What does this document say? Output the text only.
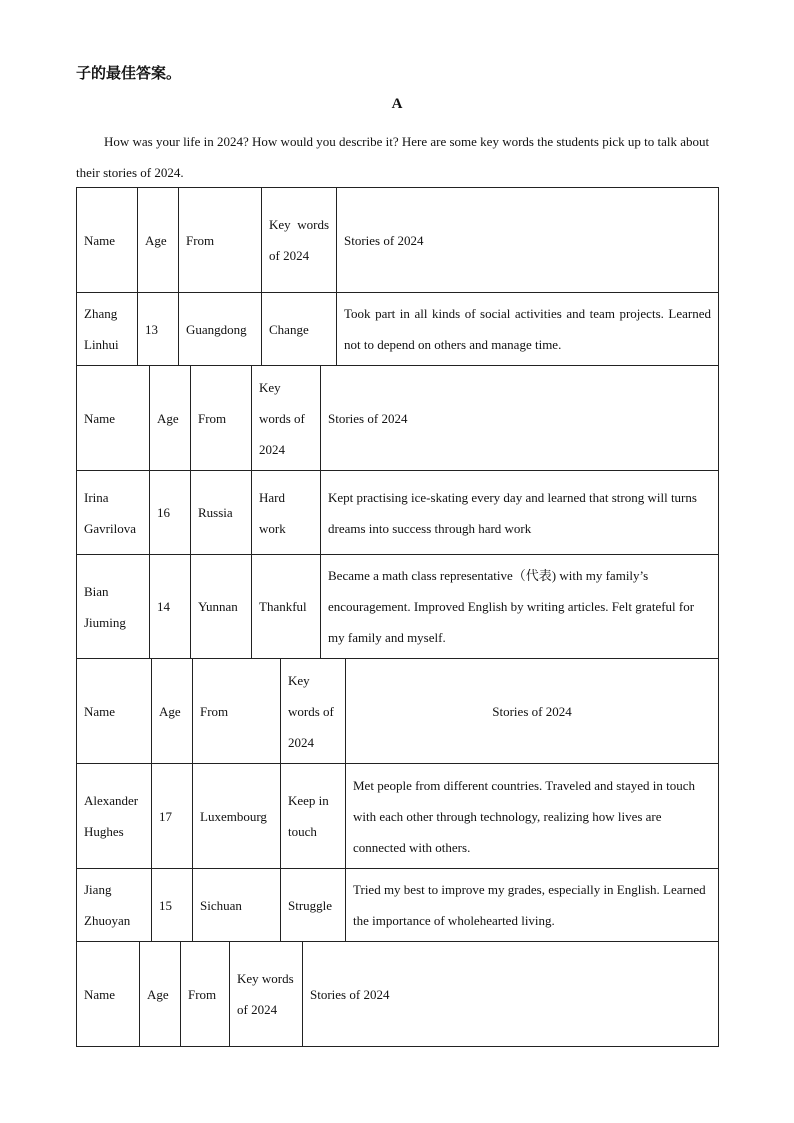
子的最佳答案。
A
How was your life in 2024? How would you describe it? Here are some key words the students pick up to talk about their stories of 2024.
Name	Age	From	Key words of 2024	Stories of 2024
Zhang Linhui	13	Guangdong	Change	Took part in all kinds of social activities and team projects. Learned not to depend on others and manage time.
Name	Age	From	Key words of 2024	Stories of 2024
Irina Gavrilova	16	Russia	Hard work	Kept practising ice-skating every day and learned that strong will turns dreams into success through hard work
Bian Jiuming	14	Yunnan	Thankful	Became a math class representative（代表) with my family’s encouragement. Improved English by writing articles. Felt grateful for my family and myself.
Name	Age	From	Key words of 2024	Stories of 2024
Alexander Hughes	17	Luxembourg	Keep in touch	Met people from different countries. Traveled and stayed in touch with each other through technology, realizing how lives are connected with others.
Jiang Zhuoyan	15	Sichuan	Struggle	Tried my best to improve my grades, especially in English. Learned the importance of wholehearted living.
Name	Age	From	Key words of 2024	Stories of 2024
